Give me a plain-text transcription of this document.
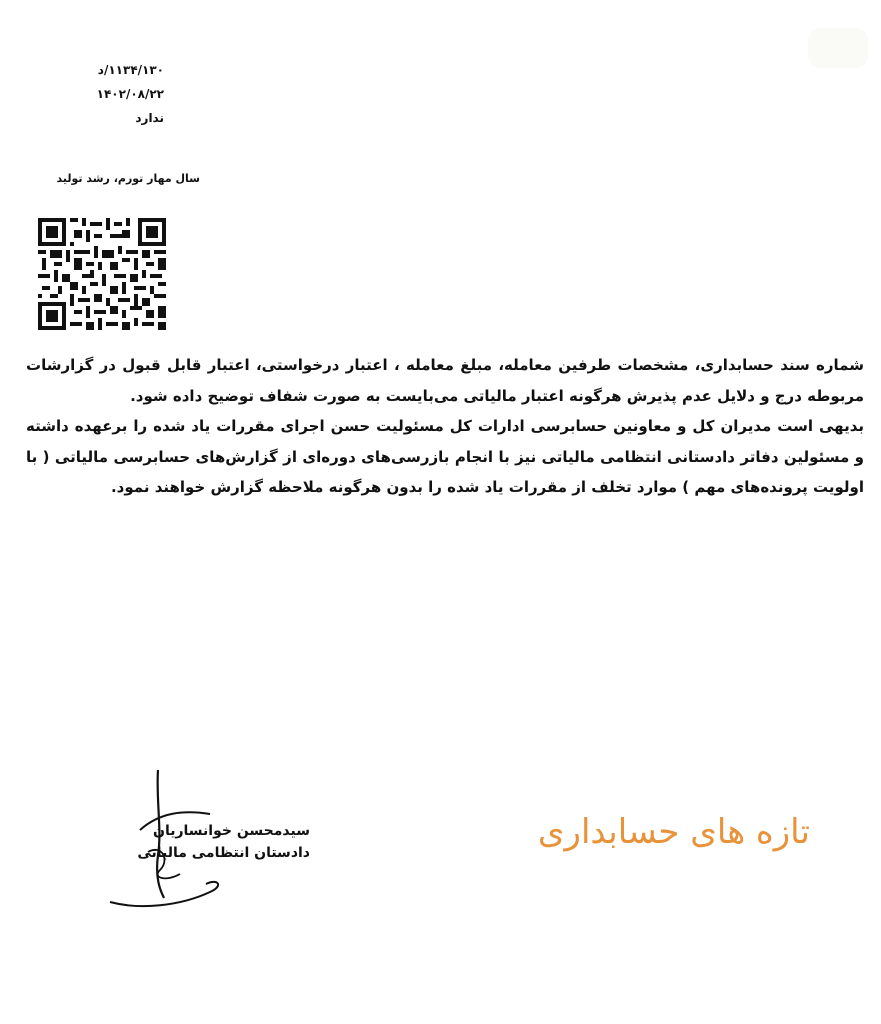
۱۱۳۴/۱۳۰/د
۱۴۰۲/۰۸/۲۲
ندارد
سال مهار تورم، رشد تولید

شماره سند حسابداری، مشخصات طرفین معامله، مبلغ معامله ، اعتبار درخواستی، اعتبار قابل قبول در گزارشات مربوطه درج و دلایل عدم پذیرش هرگونه اعتبار مالیاتی می‌بایست به صورت شفاف توضیح داده شود.

بدیهی است مدیران کل و معاونین حسابرسی ادارات کل مسئولیت حسن اجرای مقررات یاد شده را برعهده داشته و مسئولین دفاتر دادستانی انتظامی مالیاتی نیز با انجام بازرسی‌های دوره‌ای از گزارش‌های حسابرسی مالیاتی ( با اولویت پرونده‌های مهم ) موارد تخلف از مقررات یاد شده را بدون هرگونه ملاحظه گزارش خواهند نمود.

سیدمحسن خوانساریان
دادستان انتظامی مالیاتی
تازه های حسابداری
